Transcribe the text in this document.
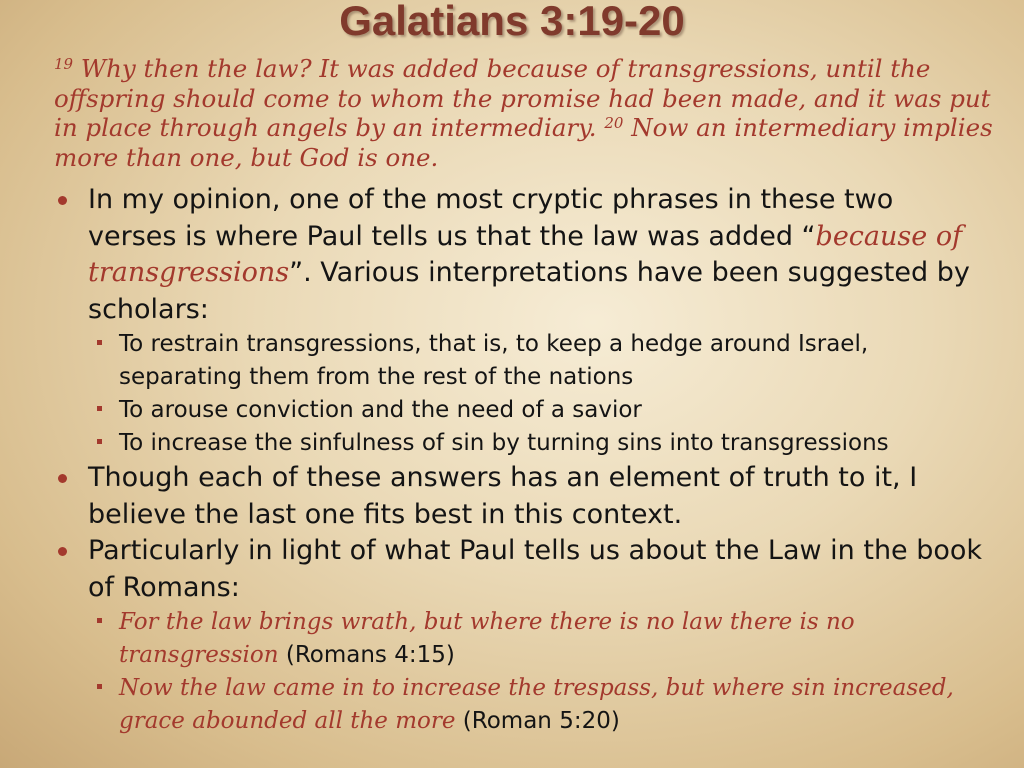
Galatians 3:19-20
$^{19}$ Why then the law? It was added because of transgressions, until the offspring should come to whom the promise had been made, and it was put in place through angels by an intermediary. $^{20}$ Now an intermediary implies more than one, but God is one.
In my opinion, one of the most cryptic phrases in these two verses is where Paul tells us that the law was added “because of transgressions”. Various interpretations have been suggested by scholars:
To restrain transgressions, that is, to keep a hedge around Israel, separating them from the rest of the nations
To arouse conviction and the need of a savior
To increase the sinfulness of sin by turning sins into transgressions
Though each of these answers has an element of truth to it, I believe the last one fits best in this context.
Particularly in light of what Paul tells us about the Law in the book of Romans:
For the law brings wrath, but where there is no law there is no transgression (Romans 4:15)
Now the law came in to increase the trespass, but where sin increased, grace abounded all the more (Roman 5:20)
